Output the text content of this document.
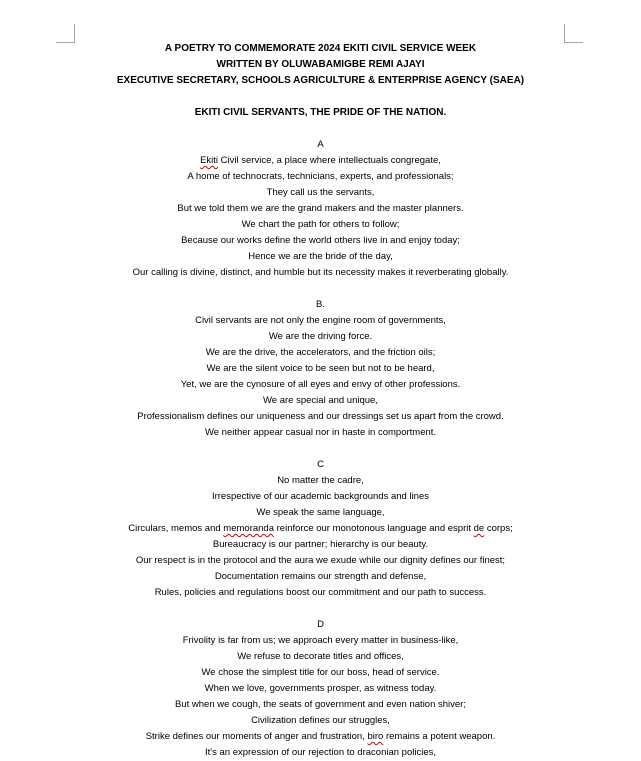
A POETRY TO COMMEMORATE 2024 EKITI CIVIL SERVICE WEEK
WRITTEN BY OLUWABAMIGBE REMI AJAYI
EXECUTIVE SECRETARY, SCHOOLS AGRICULTURE & ENTERPRISE AGENCY (SAEA)
EKITI CIVIL SERVANTS, THE PRIDE OF THE NATION.
A
Ekiti Civil service, a place where intellectuals congregate,
A home of technocrats, technicians, experts, and professionals;
They call us the servants,
But we told them we are the grand makers and the master planners.
We chart the path for others to follow;
Because our works define the world others live in and enjoy today;
Hence we are the bride of the day,
Our calling is divine, distinct, and humble but its necessity makes it reverberating globally.
B.
Civil servants are not only the engine room of governments,
We are the driving force.
We are the drive, the accelerators, and the friction oils;
We are the silent voice to be seen but not to be heard,
Yet, we are the cynosure of all eyes and envy of other professions.
We are special and unique,
Professionalism defines our uniqueness and our dressings set us apart from the crowd.
We neither appear casual nor in haste in comportment.
C
No matter the cadre,
Irrespective of our academic backgrounds and lines
We speak the same language,
Circulars, memos and memoranda reinforce our monotonous language and esprit de corps;
Bureaucracy is our partner; hierarchy is our beauty.
Our respect is in the protocol and the aura we exude while our dignity defines our finest;
Documentation remains our strength and defense,
Rules, policies and regulations boost our commitment and our path to success.
D
Frivolity is far from us; we approach every matter in business-like,
We refuse to decorate titles and offices,
We chose the simplest title for our boss, head of service.
When we love, governments prosper, as witness today.
But when we cough, the seats of government and even nation shiver;
Civilization defines our struggles,
Strike defines our moments of anger and frustration, biro remains a potent weapon.
It's an expression of our rejection to draconian policies,
